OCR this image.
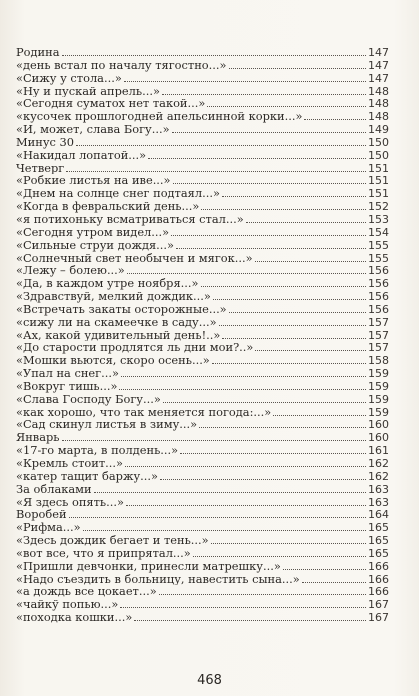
Родина	147
«день встал по началу тягостно...»	147
«Сижу у стола...»	147
«Ну и пускай апрель...»	148
«Сегодня суматох нет такой...»	148
«кусочек прошлогодней апельсинной корки...»	148
«И, может, слава Богу...»	149
Минус 30	150
«Накидал лопатой...»	150
Четверг	151
«Робкие листья на иве...»	151
«Днем на солнце снег подтаял...»	151
«Когда в февральский день...»	152
«я потихоньку всматриваться стал...»	153
«Сегодня утром видел...»	154
«Сильные струи дождя...»	155
«Солнечный свет необычен и мягок...»	155
«Лежу – болею...»	156
«Да, в каждом утре ноября...»	156
«Здравствуй, мелкий дождик...»	156
«Встречать закаты осторожные...»	156
«сижу ли на скамеечке в саду...»	157
«Ах, какой удивительный день!..»	157
«До старости продлятся ль дни мои?..»	157
«Мошки вьются, скоро осень...»	158
«Упал на снег...»	159
«Вокруг тишь...»	159
«Слава Господу Богу...»	159
«как хорошо, что так меняется погода:...»	159
«Сад скинул листья в зиму...»	160
Январь	160
«17-го марта, в полдень...»	161
«Кремль стоит...»	162
«катер тащит баржу...»	162
За облаками	163
«Я здесь опять...»	163
Воробей	164
«Рифма...»	165
«Здесь дождик бегает и тень...»	165
«вот все, что я припрятал...»	165
«Пришли девчонки, принесли матрешку...»	166
«Надо съездить в больницу, навестить сына...»	166
«а дождь все цокает...»	166
«чайкў попью...»	167
«походка кошки...»	167
468
